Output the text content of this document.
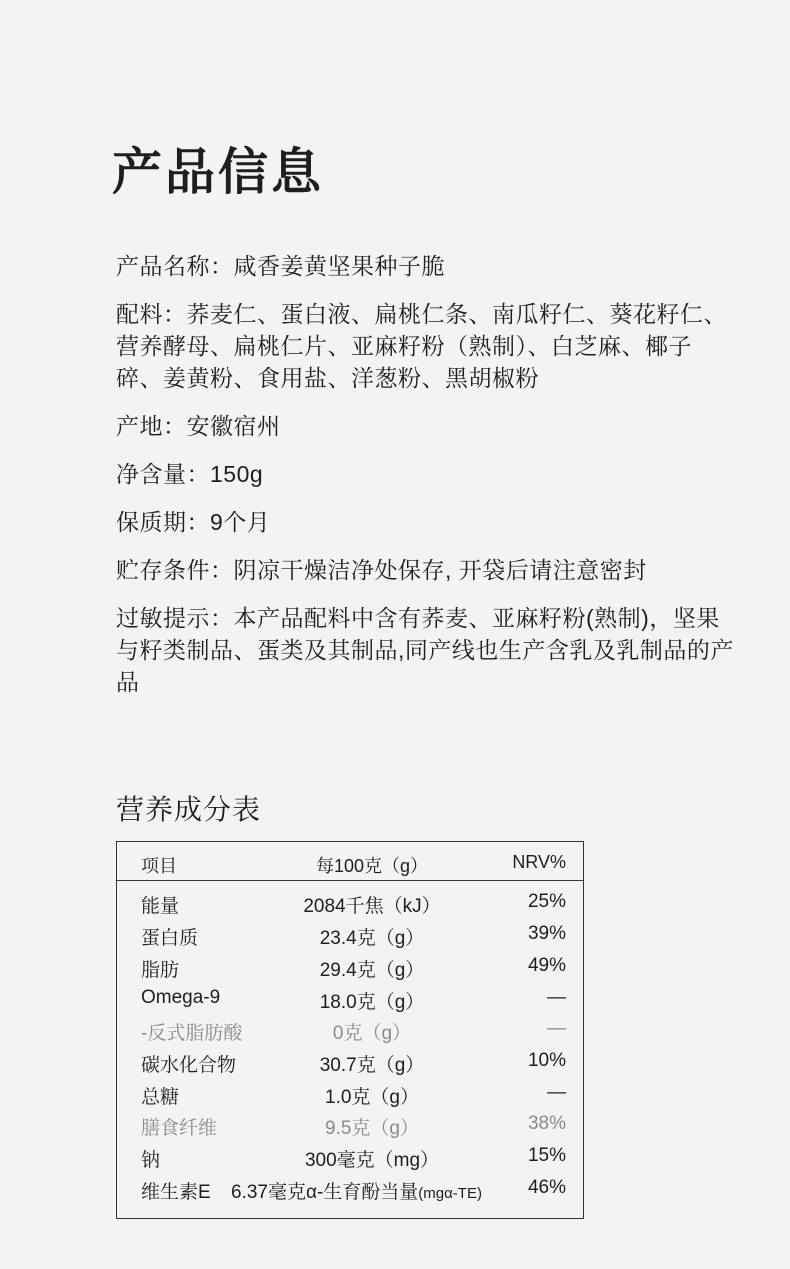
产品信息

产品名称：咸香姜黄坚果种子脆

配料：荞麦仁、蛋白液、扁桃仁条、南瓜籽仁、葵花籽仁、营养酵母、扁桃仁片、亚麻籽粉（熟制）、白芝麻、椰子碎、姜黄粉、食用盐、洋葱粉、黑胡椒粉

产地：安徽宿州

净含量：150g

保质期：9个月

贮存条件：阴凉干燥洁净处保存, 开袋后请注意密封

过敏提示：本产品配料中含有荞麦、亚麻籽粉(熟制)，坚果与籽类制品、蛋类及其制品,同产线也生产含乳及乳制品的产品

营养成分表
项目	每100克（g）	NRV%
能量	2084千焦（kJ）	25%
蛋白质	23.4克（g）	39%
脂肪	29.4克（g）	49%
Omega-9	18.0克（g）	—
-反式脂肪酸	0克（g）	—
碳水化合物	30.7克（g）	10%
总糖	1.0克（g）	—
膳食纤维	9.5克（g）	38%
钠	300毫克（mg）	15%
维生素E 6.37毫克α-生育酚当量(mgα-TE) 46%
